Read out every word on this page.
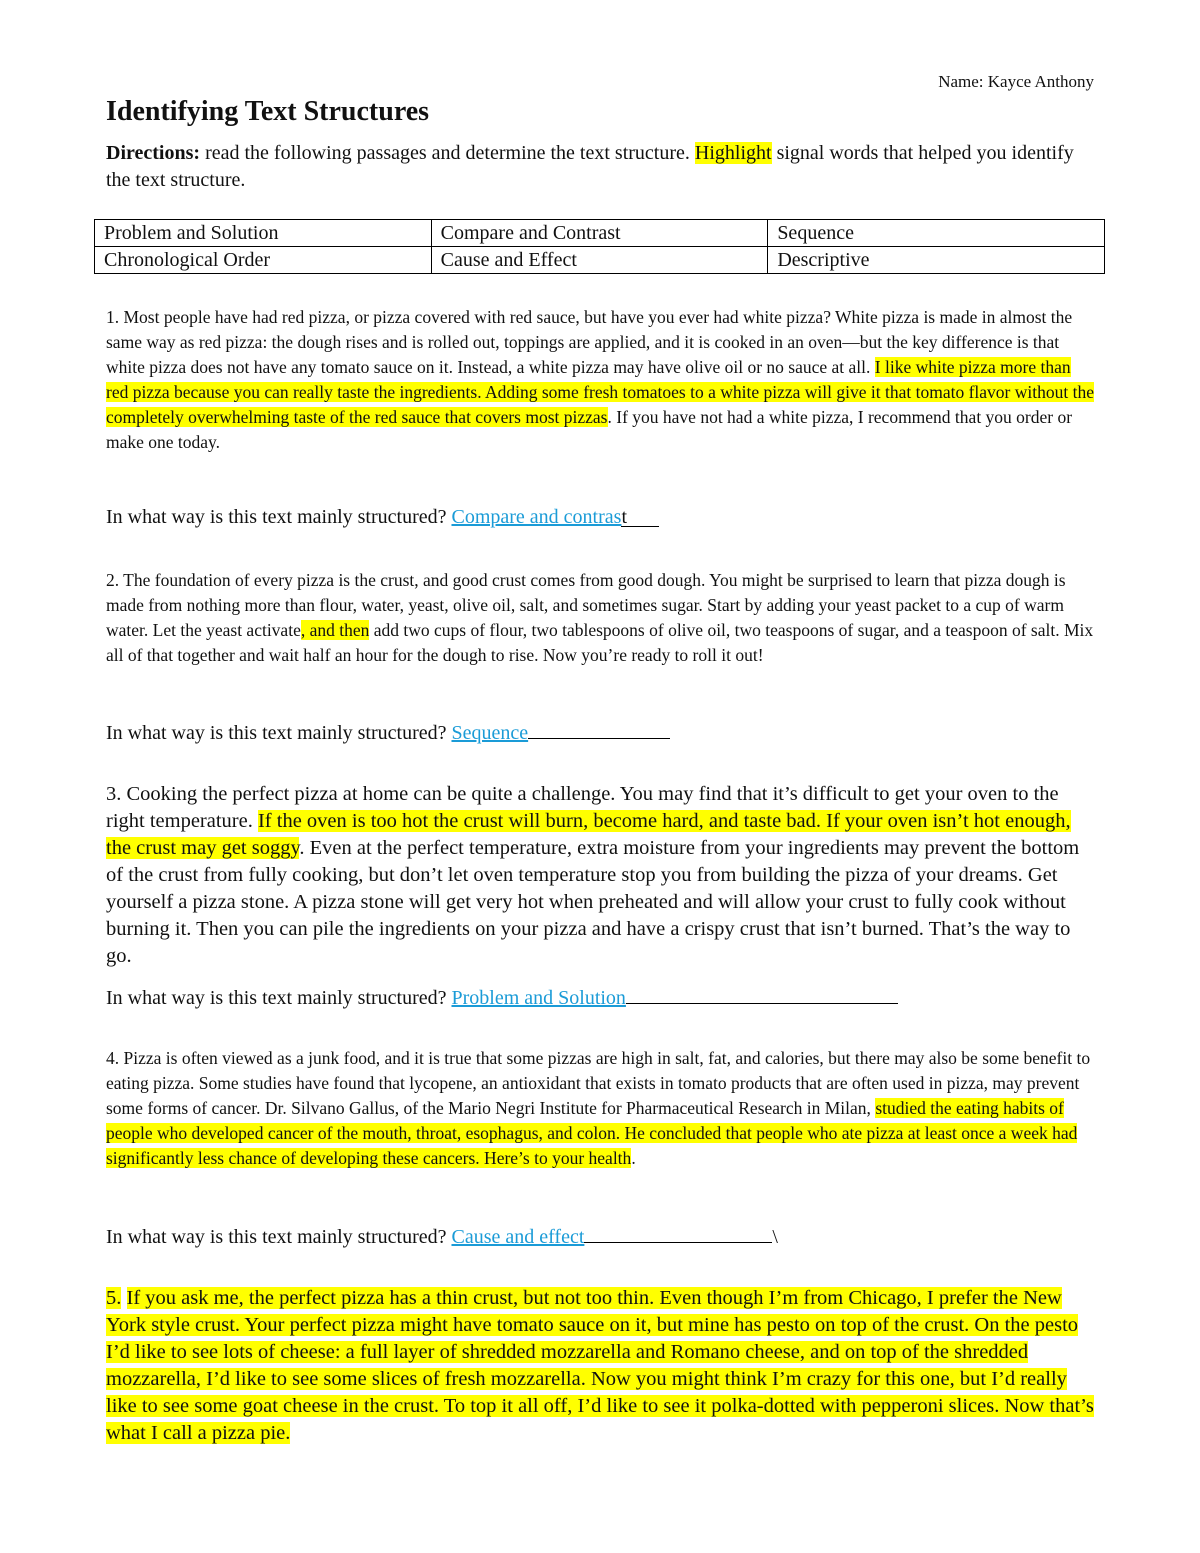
Name: Kayce Anthony
Identifying Text Structures

Directions: read the following passages and determine the text structure. Highlight signal words that helped you identify the text structure.

Problem and Solution	Compare and Contrast	Sequence
Chronological Order	Cause and Effect	Descriptive

1. Most people have had red pizza, or pizza covered with red sauce, but have you ever had white pizza? White pizza is made in almost the same way as red pizza: the dough rises and is rolled out, toppings are applied, and it is cooked in an oven—but the key difference is that white pizza does not have any tomato sauce on it. Instead, a white pizza may have olive oil or no sauce at all. I like white pizza more than red pizza because you can really taste the ingredients. Adding some fresh tomatoes to a white pizza will give it that tomato flavor without the completely overwhelming taste of the red sauce that covers most pizzas. If you have not had a white pizza, I recommend that you order or make one today.

In what way is this text mainly structured? Compare and contrast

2. The foundation of every pizza is the crust, and good crust comes from good dough. You might be surprised to learn that pizza dough is made from nothing more than flour, water, yeast, olive oil, salt, and sometimes sugar. Start by adding your yeast packet to a cup of warm water. Let the yeast activate, and then add two cups of flour, two tablespoons of olive oil, two teaspoons of sugar, and a teaspoon of salt. Mix all of that together and wait half an hour for the dough to rise. Now you’re ready to roll it out!

In what way is this text mainly structured? Sequence

3. Cooking the perfect pizza at home can be quite a challenge. You may find that it’s difficult to get your oven to the right temperature. If the oven is too hot the crust will burn, become hard, and taste bad. If your oven isn’t hot enough, the crust may get soggy. Even at the perfect temperature, extra moisture from your ingredients may prevent the bottom of the crust from fully cooking, but don’t let oven temperature stop you from building the pizza of your dreams. Get yourself a pizza stone. A pizza stone will get very hot when preheated and will allow your crust to fully cook without burning it. Then you can pile the ingredients on your pizza and have a crispy crust that isn’t burned. That’s the way to go.

In what way is this text mainly structured? Problem and Solution

4. Pizza is often viewed as a junk food, and it is true that some pizzas are high in salt, fat, and calories, but there may also be some benefit to eating pizza. Some studies have found that lycopene, an antioxidant that exists in tomato products that are often used in pizza, may prevent some forms of cancer. Dr. Silvano Gallus, of the Mario Negri Institute for Pharmaceutical Research in Milan, studied the eating habits of people who developed cancer of the mouth, throat, esophagus, and colon. He concluded that people who ate pizza at least once a week had significantly less chance of developing these cancers. Here’s to your health.

In what way is this text mainly structured? Cause and effect	\

5. If you ask me, the perfect pizza has a thin crust, but not too thin. Even though I’m from Chicago, I prefer the New York style crust. Your perfect pizza might have tomato sauce on it, but mine has pesto on top of the crust. On the pesto I’d like to see lots of cheese: a full layer of shredded mozzarella and Romano cheese, and on top of the shredded mozzarella, I’d like to see some slices of fresh mozzarella. Now you might think I’m crazy for this one, but I’d really like to see some goat cheese in the crust. To top it all off, I’d like to see it polka-dotted with pepperoni slices. Now that’s what I call a pizza pie.
